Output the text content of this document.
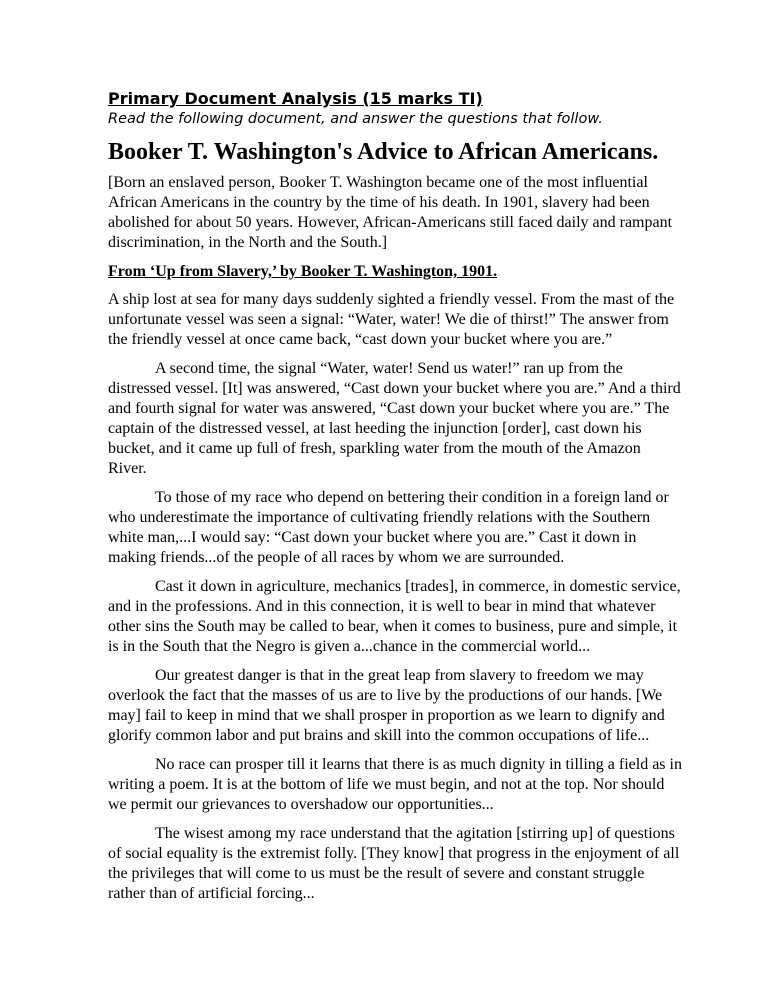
Primary Document Analysis (15 marks TI)

Read the following document, and answer the questions that follow.

Booker T. Washington's Advice to African Americans.

[Born an enslaved person, Booker T. Washington became one of the most influential African Americans in the country by the time of his death. In 1901, slavery had been abolished for about 50 years. However, African-Americans still faced daily and rampant discrimination, in the North and the South.]

From ‘Up from Slavery,’ by Booker T. Washington, 1901.

A ship lost at sea for many days suddenly sighted a friendly vessel. From the mast of the unfortunate vessel was seen a signal: “Water, water! We die of thirst!” The answer from the friendly vessel at once came back, “cast down your bucket where you are.”

A second time, the signal “Water, water! Send us water!” ran up from the distressed vessel. [It] was answered, “Cast down your bucket where you are.” And a third and fourth signal for water was answered, “Cast down your bucket where you are.” The captain of the distressed vessel, at last heeding the injunction [order], cast down his bucket, and it came up full of fresh, sparkling water from the mouth of the Amazon River.

To those of my race who depend on bettering their condition in a foreign land or who underestimate the importance of cultivating friendly relations with the Southern white man,...I would say: “Cast down your bucket where you are.” Cast it down in making friends...of the people of all races by whom we are surrounded.

Cast it down in agriculture, mechanics [trades], in commerce, in domestic service, and in the professions. And in this connection, it is well to bear in mind that whatever other sins the South may be called to bear, when it comes to business, pure and simple, it is in the South that the Negro is given a...chance in the commercial world...

Our greatest danger is that in the great leap from slavery to freedom we may overlook the fact that the masses of us are to live by the productions of our hands. [We may] fail to keep in mind that we shall prosper in proportion as we learn to dignify and glorify common labor and put brains and skill into the common occupations of life...

No race can prosper till it learns that there is as much dignity in tilling a field as in writing a poem. It is at the bottom of life we must begin, and not at the top. Nor should we permit our grievances to overshadow our opportunities...

The wisest among my race understand that the agitation [stirring up] of questions of social equality is the extremist folly. [They know] that progress in the enjoyment of all the privileges that will come to us must be the result of severe and constant struggle rather than of artificial forcing...
